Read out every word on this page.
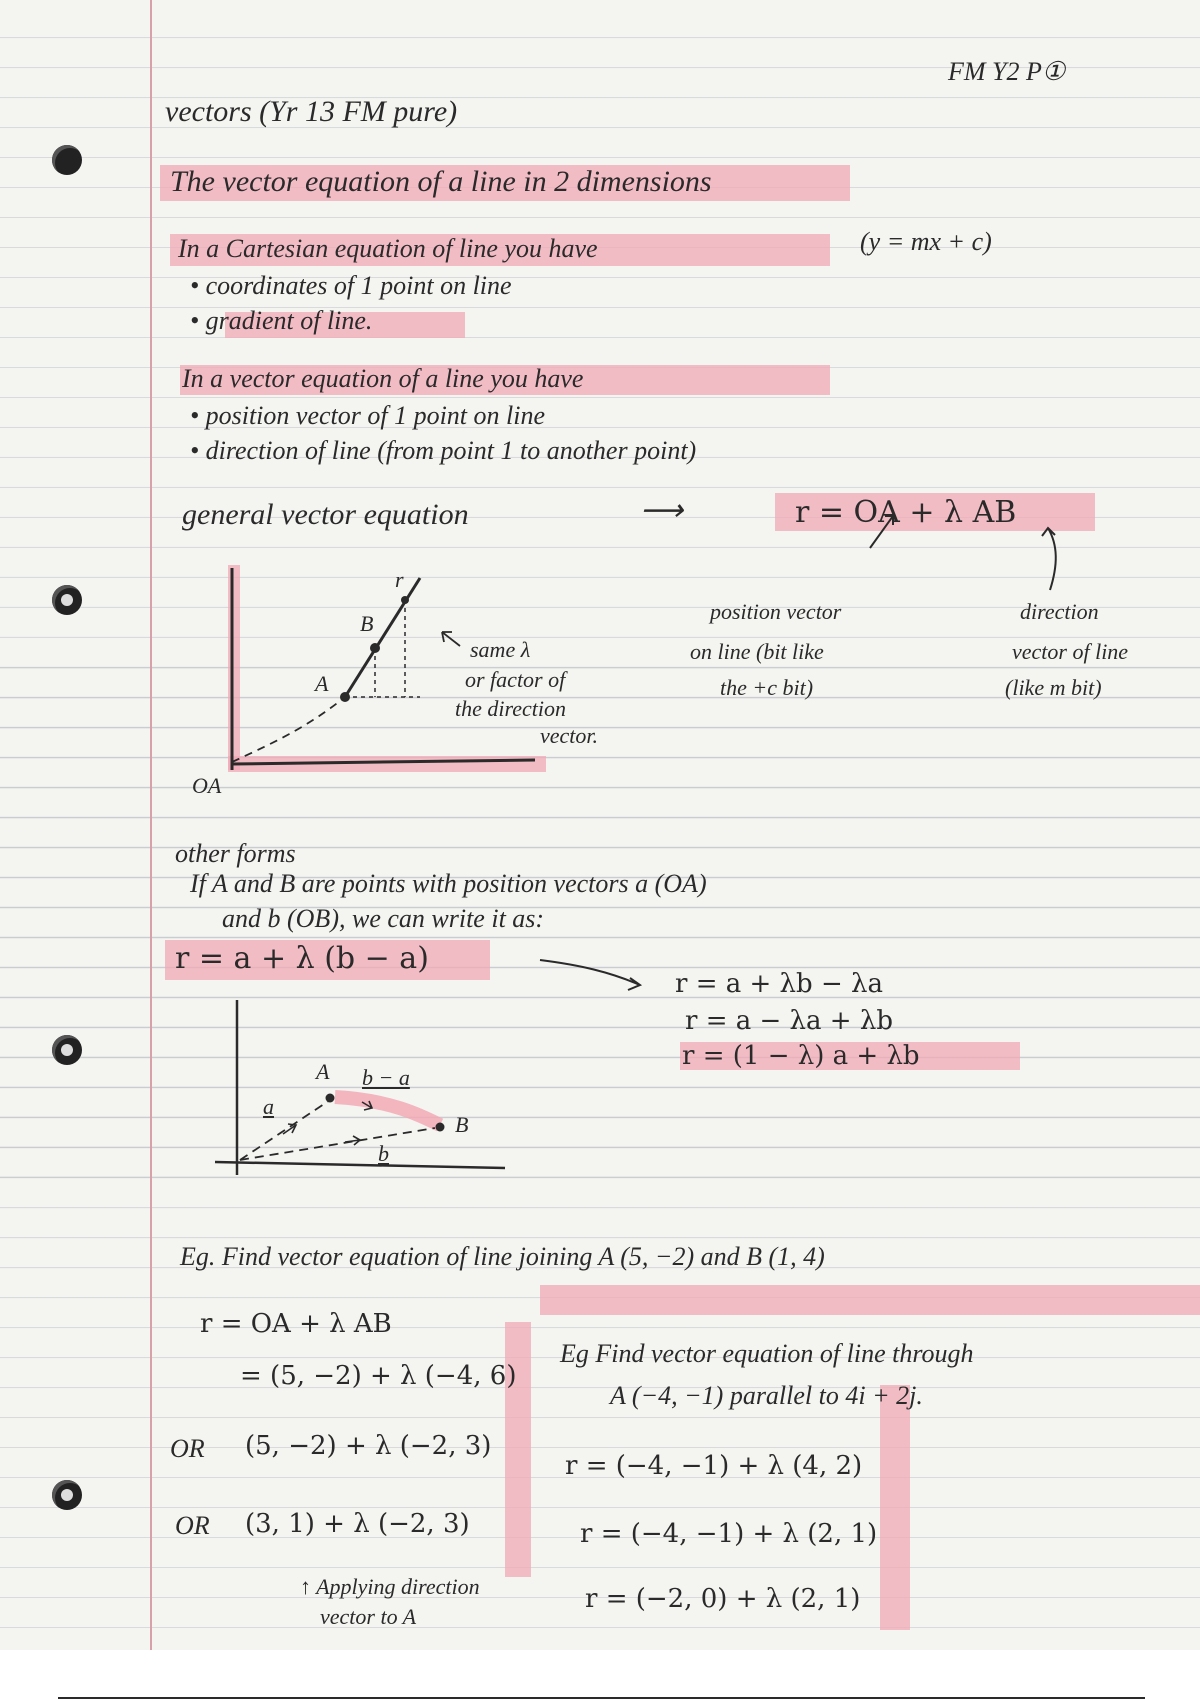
FM Y2 P①
vectors (Yr 13 FM pure)
The vector equation of a line in 2 dimensions
In a Cartesian equation of line you have	(y = mx + c)
• coordinates of 1 point on line
• gradient of line.
In a vector equation of a line you have
• position vector of 1 point on line
• direction of line (from point 1 to another point)
general vector equation	⟶	r = OA + λ AB
position vector
on line (bit like
the +c bit)
direction
vector of line
(like m bit)
r
B
A
OA
same λ
or factor of
the direction
vector.
other forms
If A and B are points with position vectors a (OA)
and b (OB), we can write it as:
r = a + λ (b − a)
r = a + λb − λa
r = a − λa + λb
r = (1 − λ) a + λb
A
B
a
b
b − a
Eg. Find vector equation of line joining A (5, −2) and B (1, 4)
r = OA + λ AB
= (5, −2) + λ (−4, 6)
OR (5, −2) + λ (−2, 3)
OR (3, 1) + λ (−2, 3)
↑ Applying direction
vector to A
Eg Find vector equation of line through
A (−4, −1) parallel to 4i + 2j.
r = (−4, −1) + λ (4, 2)
r = (−4, −1) + λ (2, 1)
r = (−2, 0) + λ (2, 1)
